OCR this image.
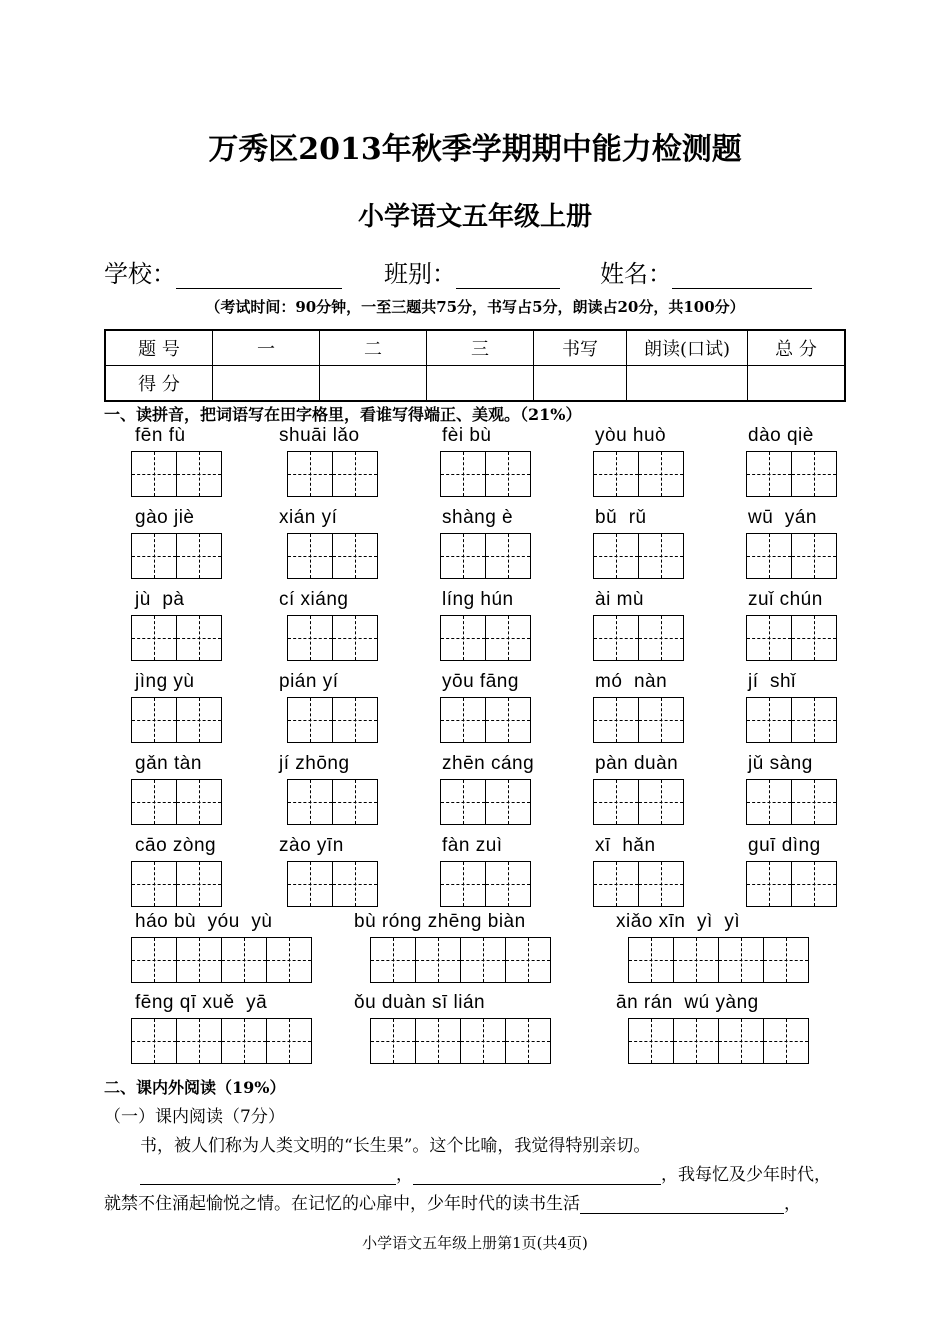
万秀区2013年秋季学期期中能力检测题
小学语文五年级上册
学校：	班别：	姓名：
（考试时间：90分钟，一至三题共75分，书写占5分，朗读占20分，共100分）
题 号	一	二	三	书写	朗读(口试)	总 分
得 分						
一、读拼音，把词语写在田字格里，看谁写得端正、美观。（21%）
fēn fù	shuāi lǎo	fèi bù	yòu huò	dào qiè
gào jiè	xián yí	shàng è	bǔ  rǔ	wū  yán
jù  pà	cí xiáng	líng hún	ài mù	zuǐ chún
jìng yù	pián yí	yōu fāng	mó  nàn	jí  shǐ
gǎn tàn	jí zhōng	zhēn cáng	pàn duàn	jǔ sàng
cāo zòng	zào yīn	fàn zuì	xī  hǎn	guī dìng
háo bù  yóu  yù	bù róng zhēng biàn	xiǎo xīn  yì  yì
fēng qī xuě  yā	ǒu duàn sī lián	ān rán  wú yàng
二、课内外阅读（19%）
（一）课内阅读（7分）
书，被人们称为人类文明的“长生果”。这个比喻，我觉得特别亲切。
，	，我每忆及少年时代，
就禁不住涌起愉悦之情。在记忆的心扉中，少年时代的读书生活	，
小学语文五年级上册第1页(共4页)
